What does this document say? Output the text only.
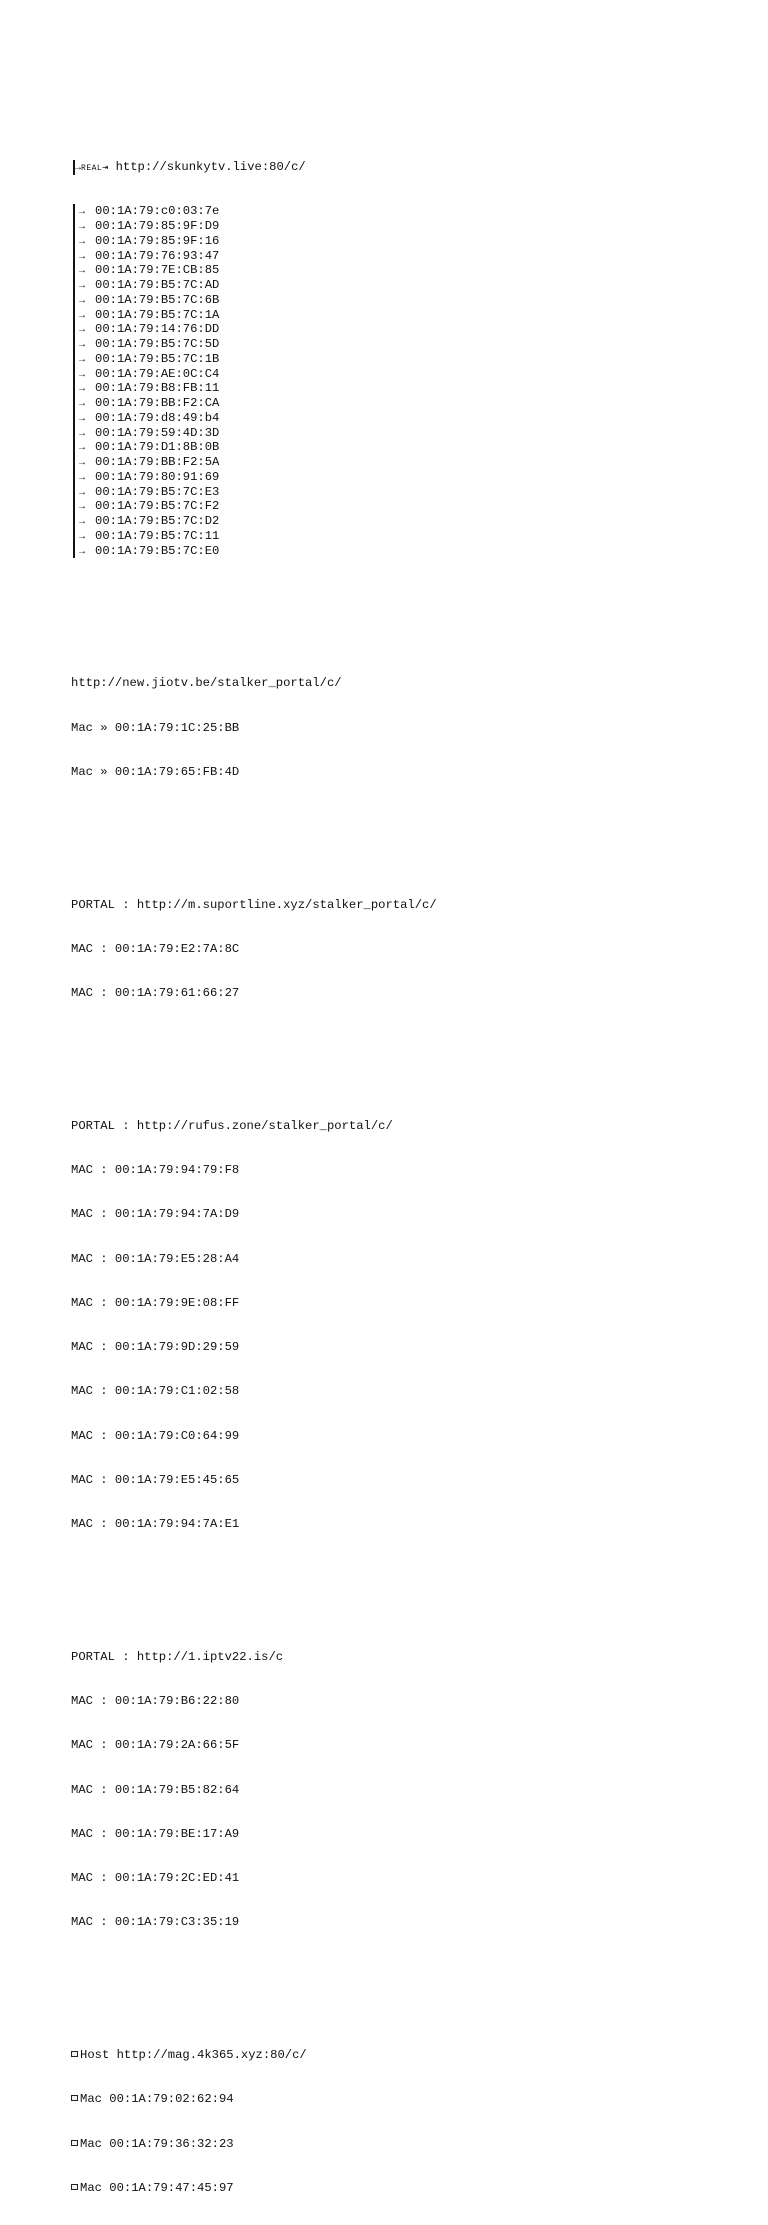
→REAL⇥ http://skunkytv.live:80/c/

→ 00:1A:79:c0:03:7e
→ 00:1A:79:85:9F:D9
→ 00:1A:79:85:9F:16
→ 00:1A:79:76:93:47
→ 00:1A:79:7E:CB:85
→ 00:1A:79:B5:7C:AD
→ 00:1A:79:B5:7C:6B
→ 00:1A:79:B5:7C:1A
→ 00:1A:79:14:76:DD
→ 00:1A:79:B5:7C:5D
→ 00:1A:79:B5:7C:1B
→ 00:1A:79:AE:0C:C4
→ 00:1A:79:B8:FB:11
→ 00:1A:79:BB:F2:CA
→ 00:1A:79:d8:49:b4
→ 00:1A:79:59:4D:3D
→ 00:1A:79:D1:8B:0B
→ 00:1A:79:BB:F2:5A
→ 00:1A:79:80:91:69
→ 00:1A:79:B5:7C:E3
→ 00:1A:79:B5:7C:F2
→ 00:1A:79:B5:7C:D2
→ 00:1A:79:B5:7C:11
→ 00:1A:79:B5:7C:E0

http://new.jiotv.be/stalker_portal/c/

Mac » 00:1A:79:1C:25:BB

Mac » 00:1A:79:65:FB:4D

PORTAL : http://m.suportline.xyz/stalker_portal/c/

MAC : 00:1A:79:E2:7A:8C

MAC : 00:1A:79:61:66:27

PORTAL : http://rufus.zone/stalker_portal/c/

MAC : 00:1A:79:94:79:F8

MAC : 00:1A:79:94:7A:D9

MAC : 00:1A:79:E5:28:A4

MAC : 00:1A:79:9E:08:FF

MAC : 00:1A:79:9D:29:59

MAC : 00:1A:79:C1:02:58

MAC : 00:1A:79:C0:64:99

MAC : 00:1A:79:E5:45:65

MAC : 00:1A:79:94:7A:E1

PORTAL : http://1.iptv22.is/c

MAC : 00:1A:79:B6:22:80

MAC : 00:1A:79:2A:66:5F

MAC : 00:1A:79:B5:82:64

MAC : 00:1A:79:BE:17:A9

MAC : 00:1A:79:2C:ED:41

MAC : 00:1A:79:C3:35:19

Host http://mag.4k365.xyz:80/c/

Mac 00:1A:79:02:62:94

Mac 00:1A:79:36:32:23

Mac 00:1A:79:47:45:97
